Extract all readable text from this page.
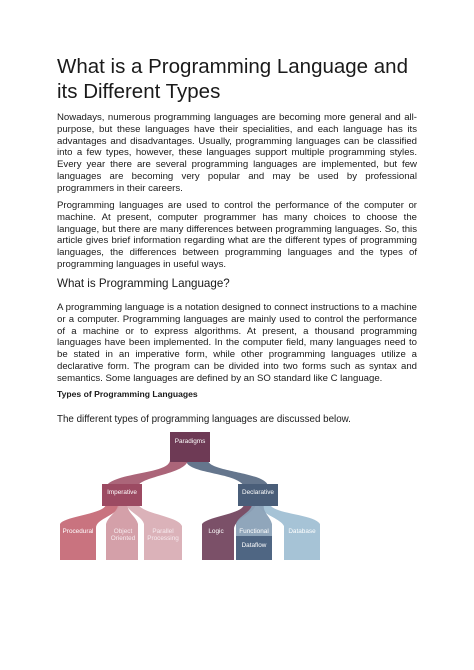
What is a Programming Language and its Different Types

Nowadays, numerous programming languages are becoming more general and all-purpose, but these languages have their specialities, and each language has its advantages and disadvantages. Usually, programming languages can be classified into a few types, however, these languages support multiple programming styles. Every year there are several programming languages are implemented, but few languages are becoming very popular and may be used by professional programmers in their careers.

Programming languages are used to control the performance of the computer or machine. At present, computer programmer has many choices to choose the language, but there are many differences between programming languages. So, this article gives brief information regarding what are the different types of programming languages, the differences between programming languages and the types of programming languages in useful ways.

What is Programming Language?

A programming language is a notation designed to connect instructions to a machine or a computer. Programming languages are mainly used to control the performance of a machine or to express algorithms. At present, a thousand programming languages have been implemented. In the computer field, many languages need to be stated in an imperative form, while other programming languages utilize a declarative form. The program can be divided into two forms such as syntax and semantics. Some languages are defined by an SO standard like C language.

Types of Programming Languages

The different types of programming languages are discussed below.

Paradigms
Imperative	Declarative
Procedural	Object Oriented
Parallel Processing
Logic	Functional	Database
Dataflow
